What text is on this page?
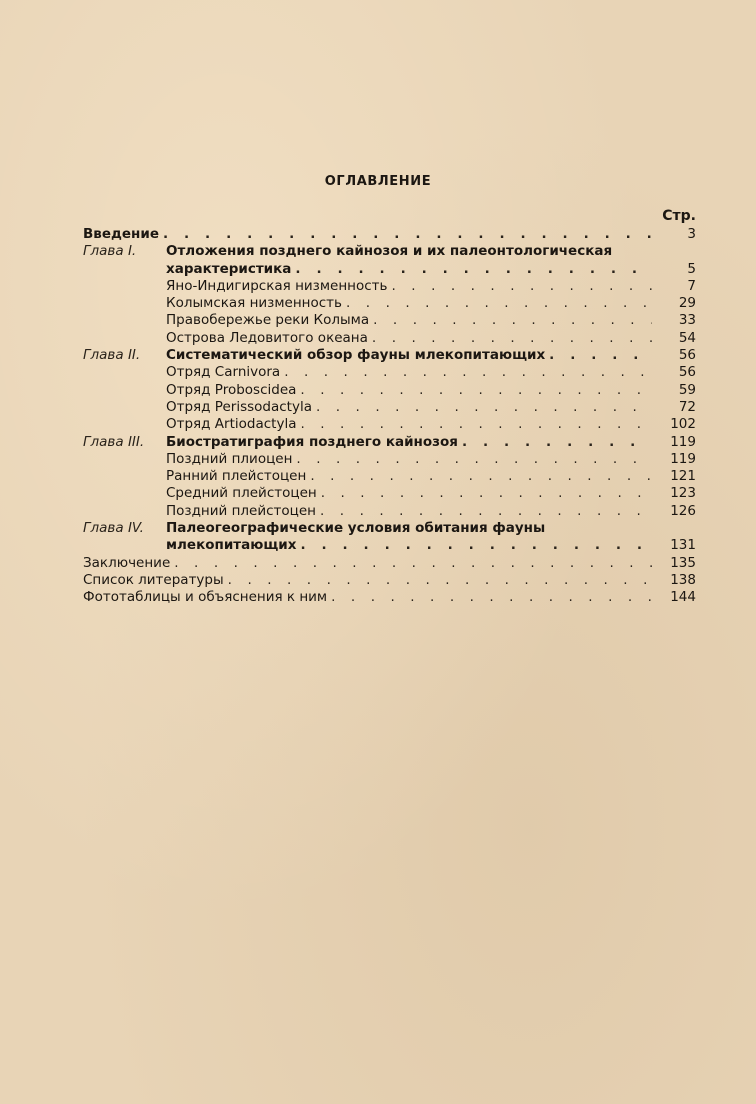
ОГЛАВЛЕНИЕ
Стр.
Введение . . .	3
Глава I. Отложения позднего кайнозоя и их палеонтологическая
характеристика . . .	5
Яно-Индигирская низменность . . .	7
Колымская низменность . . .	29
Правобережье реки Колыма . . .	33
Острова Ледовитого океана . . .	54
Глава II. Систематический обзор фауны млекопитающих . . .	56
Отряд Carnivora . . .	56
Отряд Proboscidea . . .	59
Отряд Perissodactyla . . .	72
Отряд Artiodactyla . . .	102
Глава III. Биостратиграфия позднего кайнозоя . . .	119
Поздний плиоцен . . .	119
Ранний плейстоцен . . .	121
Средний плейстоцен . . .	123
Поздний плейстоцен . . .	126
Глава IV. Палеогеографические условия обитания фауны
млекопитающих . . .	131
Заключение . . .	135
Список литературы . . .	138
Фототаблицы и объяснения к ним . . .	144
